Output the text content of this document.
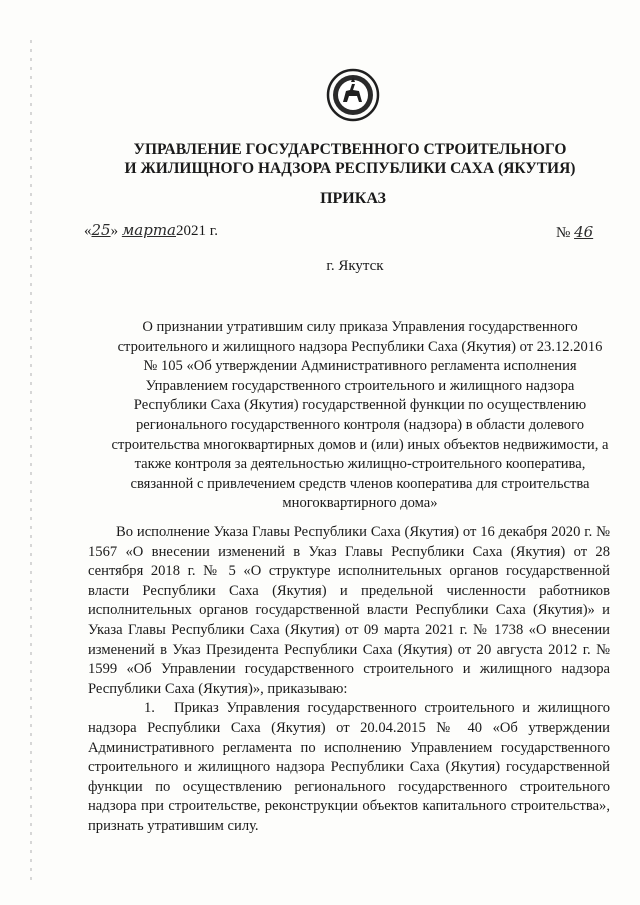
УПРАВЛЕНИЕ ГОСУДАРСТВЕННОГО СТРОИТЕЛЬНОГО
И ЖИЛИЩНОГО НАДЗОРА РЕСПУБЛИКИ САХА (ЯКУТИЯ)
ПРИКАЗ
«25» марта2021 г.	№ 46
г. Якутск
О признании утратившим силу приказа Управления государственного
строительного и жилищного надзора Республики Саха (Якутия) от 23.12.2016
№ 105 «Об утверждении Административного регламента исполнения
Управлением государственного строительного и жилищного надзора
Республики Саха (Якутия) государственной функции по осуществлению
регионального государственного контроля (надзора) в области долевого
строительства многоквартирных домов и (или) иных объектов недвижимости, а
также контроля за деятельностью жилищно-строительного кооператива,
связанной с привлечением средств членов кооператива для строительства
многоквартирного дома»

Во исполнение Указа Главы Республики Саха (Якутия) от 16 декабря 2020 г. № 1567 «О внесении изменений в Указ Главы Республики Саха (Якутия) от 28 сентября 2018 г. № 5 «О структуре исполнительных органов государственной власти Республики Саха (Якутия) и предельной численности работников исполнительных органов государственной власти Республики Саха (Якутия)» и Указа Главы Республики Саха (Якутия) от 09 марта 2021 г. № 1738 «О внесении изменений в Указ Президента Республики Саха (Якутия) от 20 августа 2012 г. № 1599 «Об Управлении государственного строительного и жилищного надзора Республики Саха (Якутия)», приказываю:

1. Приказ Управления государственного строительного и жилищного надзора Республики Саха (Якутия) от 20.04.2015 № 40 «Об утверждении Административного регламента по исполнению Управлением государственного строительного и жилищного надзора Республики Саха (Якутия) государственной функции по осуществлению регионального государственного строительного надзора при строительстве, реконструкции объектов капитального строительства», признать утратившим силу.
